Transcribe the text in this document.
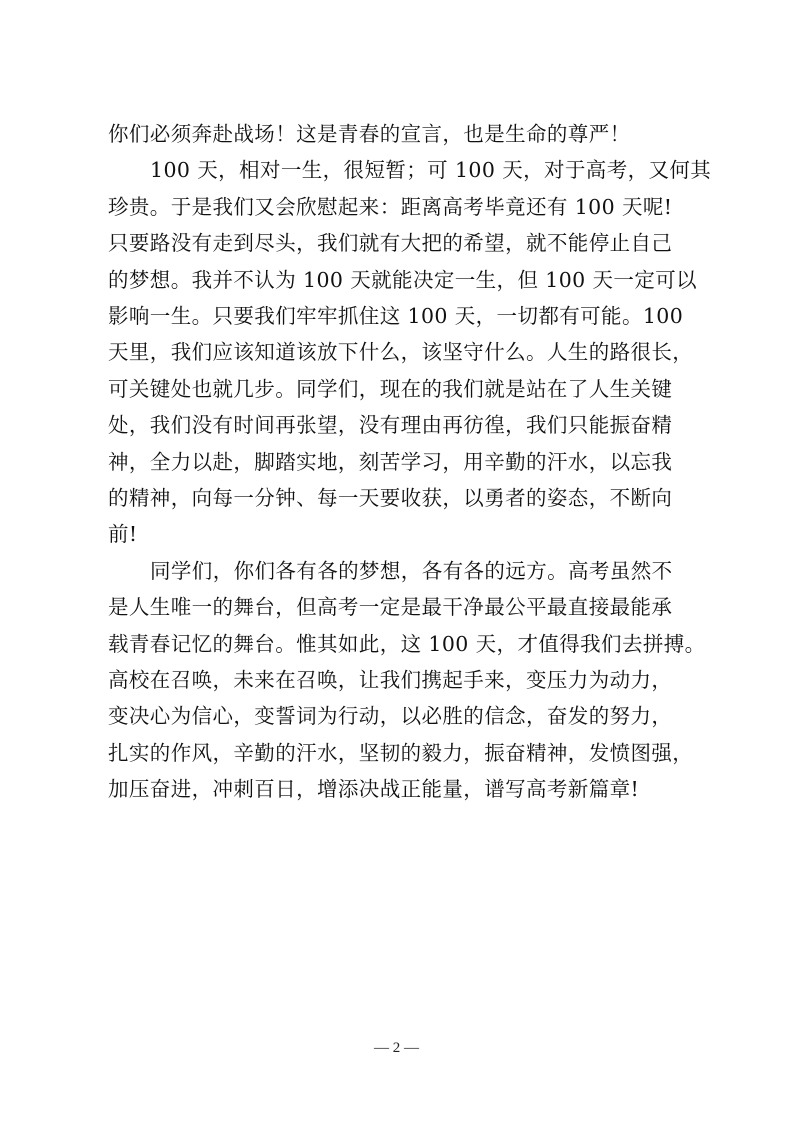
你们必须奔赴战场！这是青春的宣言，也是生命的尊严！
100 天，相对一生，很短暂；可 100 天，对于高考，又何其
珍贵。于是我们又会欣慰起来：距离高考毕竟还有 100 天呢!
只要路没有走到尽头，我们就有大把的希望，就不能停止自己
的梦想。我并不认为 100 天就能决定一生，但 100 天一定可以
影响一生。只要我们牢牢抓住这 100 天，一切都有可能。100
天里，我们应该知道该放下什么，该坚守什么。人生的路很长，
可关键处也就几步。同学们，现在的我们就是站在了人生关键
处，我们没有时间再张望，没有理由再彷徨，我们只能振奋精
神，全力以赴，脚踏实地，刻苦学习，用辛勤的汗水，以忘我
的精神，向每一分钟、每一天要收获，以勇者的姿态，不断向
前!
同学们，你们各有各的梦想，各有各的远方。高考虽然不
是人生唯一的舞台，但高考一定是最干净最公平最直接最能承
载青春记忆的舞台。惟其如此，这 100 天，才值得我们去拼搏。
高校在召唤，未来在召唤，让我们携起手来，变压力为动力，
变决心为信心，变誓词为行动，以必胜的信念，奋发的努力，
扎实的作风，辛勤的汗水，坚韧的毅力，振奋精神，发愤图强，
加压奋进，冲刺百日，增添决战正能量，谱写高考新篇章!
— 2 —
